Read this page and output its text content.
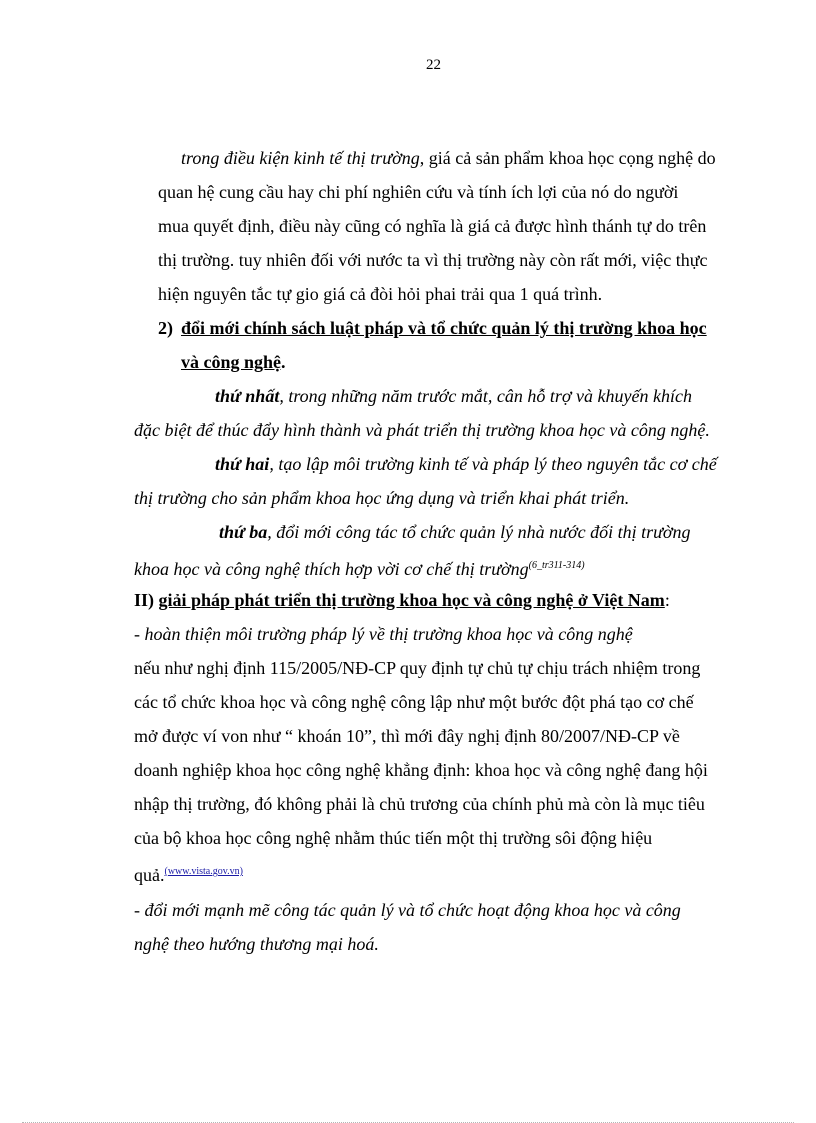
22
trong điều kiện kinh tế thị trường, giá cả sản phẩm khoa học cọng nghệ do
quan hệ cung cầu hay chi phí nghiên cứu và tính ích lợi của nó do người
mua quyết định, điều này cũng có nghĩa là giá cả được hình thánh tự do trên
thị trường. tuy nhiên đối với nước ta vì thị trường này còn rất mới, việc thực
hiện nguyên tắc tự gio giá cả đòi hỏi phai trải qua 1 quá trình.
2) đổi mới chính sách luật pháp và tổ chức quản lý thị trường khoa học
và công nghệ.
thứ nhất, trong những năm trước mắt, cân hỗ trợ và khuyến khích
đặc biệt để thúc đẩy hình thành và phát triển thị trường khoa học và công nghệ.
thứ hai, tạo lập môi trường kinh tế và pháp lý theo nguyên tắc cơ chế
thị trường cho sản phẩm khoa học ứng dụng và triển khai phát triển.
thứ ba, đổi mới công tác tổ chức quản lý nhà nước đối thị trường
khoa học và công nghệ thích hợp vời cơ chế thị trường$^{(6\_tr311-314)}$
II) giải pháp phát triển thị trường khoa học và công nghệ ở Việt Nam:
- hoàn thiện môi trường pháp lý về thị trường khoa học và công nghệ
nếu như nghị định 115/2005/NĐ-CP quy định tự chủ tự chịu trách nhiệm trong
các tổ chức khoa học và công nghệ công lập như một bước đột phá tạo cơ chế
mở được ví von như “ khoán 10”, thì mới đây nghị định 80/2007/NĐ-CP về
doanh nghiệp khoa học công nghệ khẳng định: khoa học và công nghệ đang hội
nhập thị trường, đó không phải là chủ trương của chính phủ mà còn là mục tiêu
của bộ khoa học công nghệ nhằm thúc tiến một thị trường sôi động hiệu
quả.$^{(www.vista.gov.vn)}$
- đổi mới mạnh mẽ công tác quản lý và tổ chức hoạt động khoa học và công
nghệ theo hướng thương mại hoá.
